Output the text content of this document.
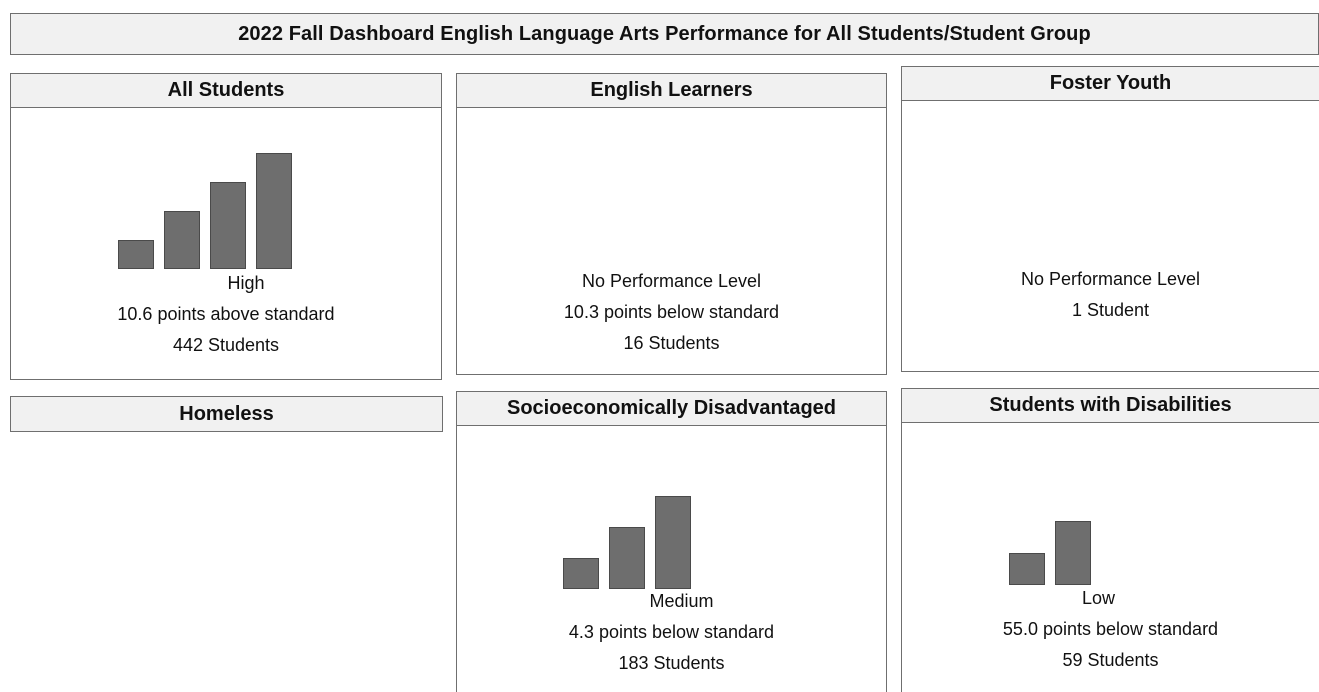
2022 Fall Dashboard English Language Arts Performance for All Students/Student Group
All Students
High
10.6 points above standard
442 Students
English Learners
No Performance Level
10.3 points below standard
16 Students
Foster Youth
No Performance Level
1 Student
Homeless	Socioeconomically Disadvantaged
Medium
4.3 points below standard
183 Students
Students with Disabilities
Low
55.0 points below standard
59 Students
